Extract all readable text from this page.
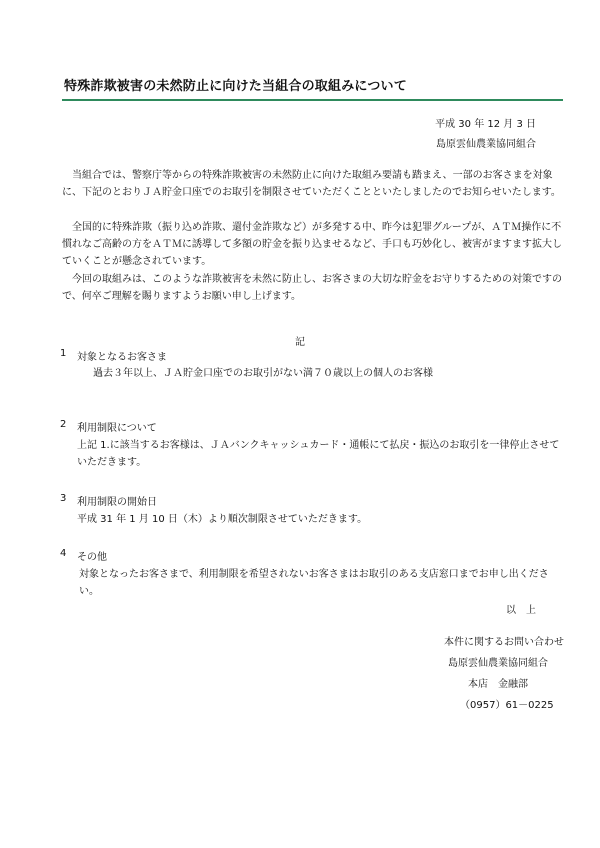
特殊詐欺被害の未然防止に向けた当組合の取組みについて
平成 30 年 12 月 3 日
島原雲仙農業協同組合

当組合では、警察庁等からの特殊詐欺被害の未然防止に向けた取組み要請も踏まえ、一部のお客さまを対象に、下記のとおりＪＡ貯金口座でのお取引を制限させていただくことといたしましたのでお知らせいたします。

全国的に特殊詐欺（振り込め詐欺、還付金詐欺など）が多発する中、昨今は犯罪グループが、ＡＴＭ操作に不慣れなご高齢の方をＡＴＭに誘導して多額の貯金を振り込ませるなど、手口も巧妙化し、被害がますます拡大していくことが懸念されています。

今回の取組みは、このような詐欺被害を未然に防止し、お客さまの大切な貯金をお守りするための対策ですので、何卒ご理解を賜りますようお願い申し上げます。

記
1 対象となるお客さま

過去３年以上、ＪＡ貯金口座でのお取引がない満７０歳以上の個人のお客様

2 利用制限について

上記 1.に該当するお客様は、ＪＡバンクキャッシュカード・通帳にて払戻・振込のお取引を一律停止させていただきます。

3 利用制限の開始日

平成 31 年 1 月 10 日（木）より順次制限させていただきます。

4 その他

対象となったお客さまで、利用制限を希望されないお客さまはお取引のある支店窓口までお申し出ください。

以　上
本件に関するお問い合わせ
島原雲仙農業協同組合
本店　金融部
（0957）61－0225
